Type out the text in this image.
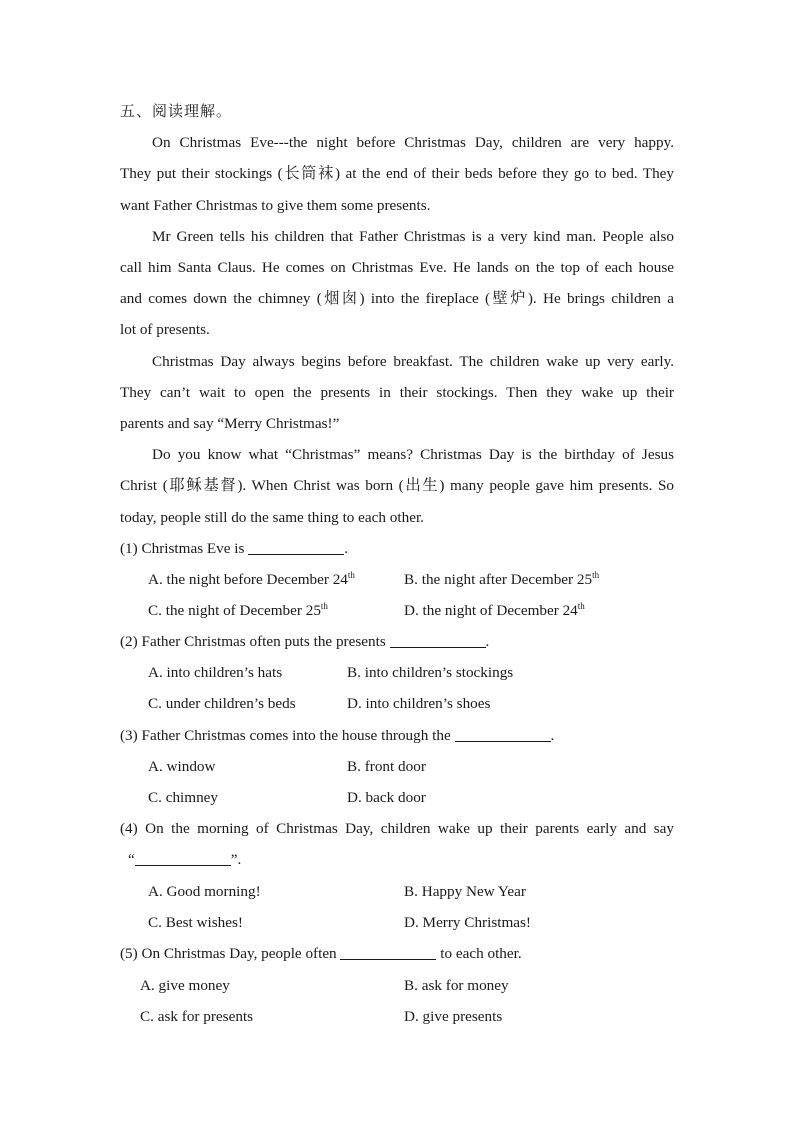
五、阅读理解。
On Christmas Eve---the night before Christmas Day, children are very happy.
They put their stockings (长筒袜) at the end of their beds before they go to bed. They
want Father Christmas to give them some presents.
Mr Green tells his children that Father Christmas is a very kind man. People also
call him Santa Claus. He comes on Christmas Eve. He lands on the top of each house
and comes down the chimney (烟囱) into the fireplace (壁炉). He brings children a
lot of presents.
Christmas Day always begins before breakfast. The children wake up very early.
They can’t wait to open the presents in their stockings. Then they wake up their
parents and say “Merry Christmas!”
Do you know what “Christmas” means? Christmas Day is the birthday of Jesus
Christ (耶稣基督). When Christ was born (出生) many people gave him presents. So
today, people still do the same thing to each other.
(1) Christmas Eve is	.
A. the night before December 24th	B. the night after December 25th
C. the night of December 25th	D. the night of December 24th
(2) Father Christmas often puts the presents	.
A. into children’s hats	B. into children’s stockings
C. under children’s beds	D. into children’s shoes
(3) Father Christmas comes into the house through the	.
A. window	B. front door
C. chimney	D. back door
(4) On the morning of Christmas Day, children wake up their parents early and say
“	”.
A. Good morning!	B. Happy New Year
C. Best wishes!	D. Merry Christmas!
(5) On Christmas Day, people often	to each other.
A. give money	B. ask for money
C. ask for presents	D. give presents
